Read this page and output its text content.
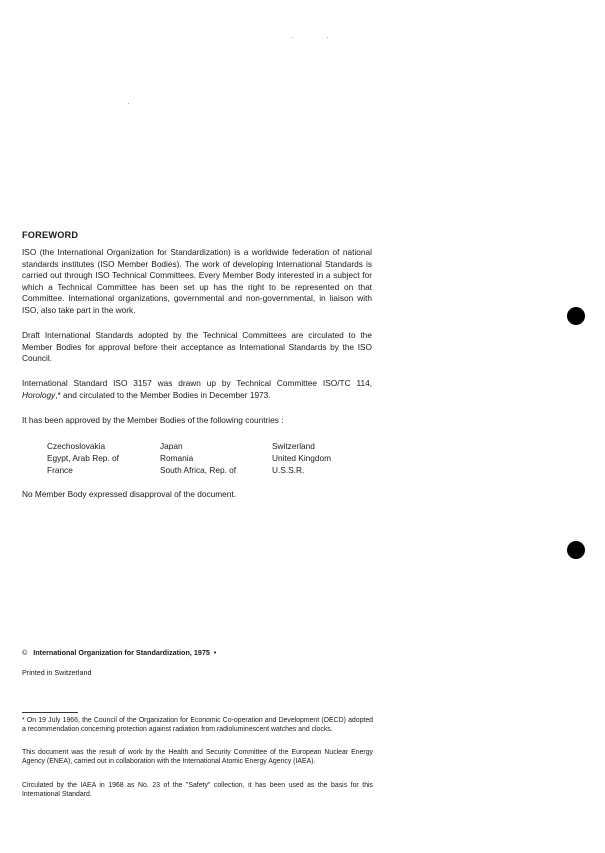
FOREWORD

ISO (the International Organization for Standardization) is a worldwide federation of national standards institutes (ISO Member Bodies). The work of developing International Standards is carried out through ISO Technical Committees. Every Member Body interested in a subject for which a Technical Committee has been set up has the right to be represented on that Committee. International organizations, governmental and non-governmental, in liaison with ISO, also take part in the work.

Draft International Standards adopted by the Technical Committees are circulated to the Member Bodies for approval before their acceptance as International Standards by the ISO Council.

International Standard ISO 3157 was drawn up by Technical Committee ISO/TC 114, Horology,* and circulated to the Member Bodies in December 1973.

It has been approved by the Member Bodies of the following countries :

Czechoslovakia
Egypt, Arab Rep. of
France
Japan
Romania
South Africa, Rep. of
Switzerland
United Kingdom
U.S.S.R.

No Member Body expressed disapproval of the document.

© International Organization for Standardization, 1975 •
Printed in Switzerland

* On 19 July 1966, the Council of the Organization for Economic Co-operation and Development (OECD) adopted a recommendation concerning protection against radiation from radioluminescent watches and clocks.

This document was the result of work by the Health and Security Committee of the European Nuclear Energy Agency (ENEA), carried out in collaboration with the International Atomic Energy Agency (IAEA).

Circulated by the IAEA in 1968 as No. 23 of the "Safety" collection, it has been used as the basis for this International Standard.
